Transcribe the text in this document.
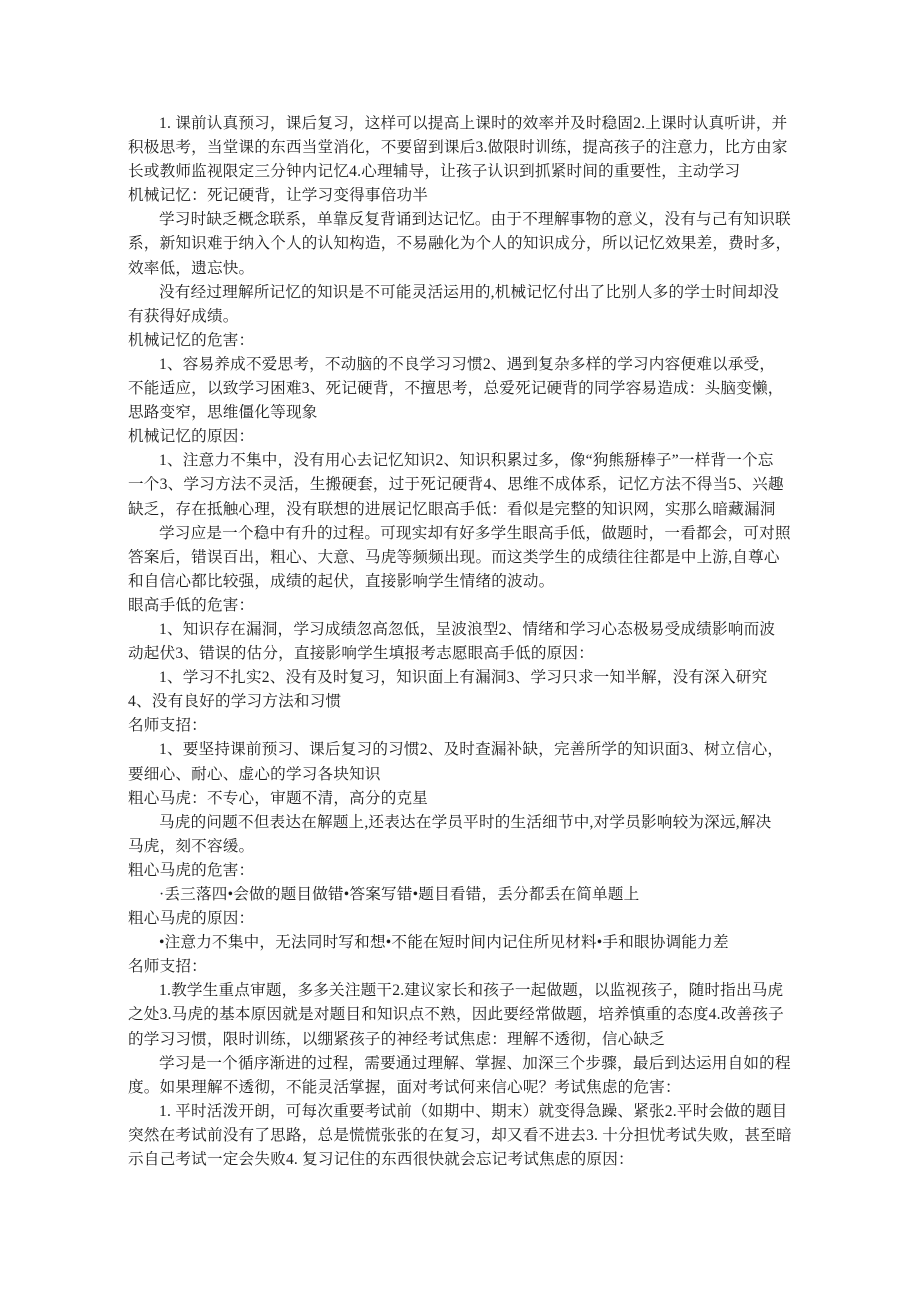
1. 课前认真预习，课后复习，这样可以提高上课时的效率并及时稳固2.上课时认真听讲，并
积极思考，当堂课的东西当堂消化，不要留到课后3.做限时训练，提高孩子的注意力，比方由家
长或教师监视限定三分钟内记忆4.心理辅导，让孩子认识到抓紧时间的重要性，主动学习
机械记忆：死记硬背，让学习变得事倍功半
学习时缺乏概念联系，单靠反复背诵到达记忆。由于不理解事物的意义，没有与己有知识联
系，新知识难于纳入个人的认知构造，不易融化为个人的知识成分，所以记忆效果差，费时多，
效率低，遗忘快。
没有经过理解所记忆的知识是不可能灵活运用的,机械记忆付出了比别人多的学士时间却没
有获得好成绩。
机械记忆的危害：
1、容易养成不爱思考，不动脑的不良学习习惯2、遇到复杂多样的学习内容便难以承受，
不能适应，以致学习困难3、死记硬背，不擅思考，总爱死记硬背的同学容易造成：头脑变懒，
思路变窄，思维僵化等现象
机械记忆的原因：
1、注意力不集中，没有用心去记忆知识2、知识积累过多，像“狗熊掰棒子”一样背一个忘
一个3、学习方法不灵活，生搬硬套，过于死记硬背4、思维不成体系，记忆方法不得当5、兴趣
缺乏，存在抵触心理，没有联想的进展记忆眼高手低：看似是完整的知识网，实那么暗藏漏洞
学习应是一个稳中有升的过程。可现实却有好多学生眼高手低，做题时，一看都会，可对照
答案后，错误百出，粗心、大意、马虎等频频出现。而这类学生的成绩往往都是中上游,自尊心
和自信心都比较强，成绩的起伏，直接影响学生情绪的波动。
眼高手低的危害：
1、知识存在漏洞，学习成绩忽高忽低，呈波浪型2、情绪和学习心态极易受成绩影响而波
动起伏3、错误的估分，直接影响学生填报考志愿眼高手低的原因：
1、学习不扎实2、没有及时复习，知识面上有漏洞3、学习只求一知半解，没有深入研究
4、没有良好的学习方法和习惯
名师支招：
1、要坚持课前预习、课后复习的习惯2、及时查漏补缺，完善所学的知识面3、树立信心，
要细心、耐心、虚心的学习各块知识
粗心马虎：不专心，审题不清，高分的克星
马虎的问题不但表达在解题上,还表达在学员平时的生活细节中,对学员影响较为深远,解决
马虎，刻不容缓。
粗心马虎的危害：
·丢三落四•会做的题目做错•答案写错•题目看错，丢分都丢在简单题上
粗心马虎的原因：
•注意力不集中，无法同时写和想•不能在短时间内记住所见材料•手和眼协调能力差
名师支招：
1.教学生重点审题，多多关注题干2.建议家长和孩子一起做题，以监视孩子，随时指出马虎
之处3.马虎的基本原因就是对题目和知识点不熟，因此要经常做题，培养慎重的态度4.改善孩子
的学习习惯，限时训练，以绷紧孩子的神经考试焦虑：理解不透彻，信心缺乏
学习是一个循序渐进的过程，需要通过理解、掌握、加深三个步骤，最后到达运用自如的程
度。如果理解不透彻，不能灵活掌握，面对考试何来信心呢？考试焦虑的危害：
1. 平时活泼开朗，可每次重要考试前（如期中、期末）就变得急躁、紧张2.平时会做的题目
突然在考试前没有了思路，总是慌慌张张的在复习，却又看不进去3. 十分担忧考试失败，甚至暗
示自己考试一定会失败4. 复习记住的东西很快就会忘记考试焦虑的原因：
